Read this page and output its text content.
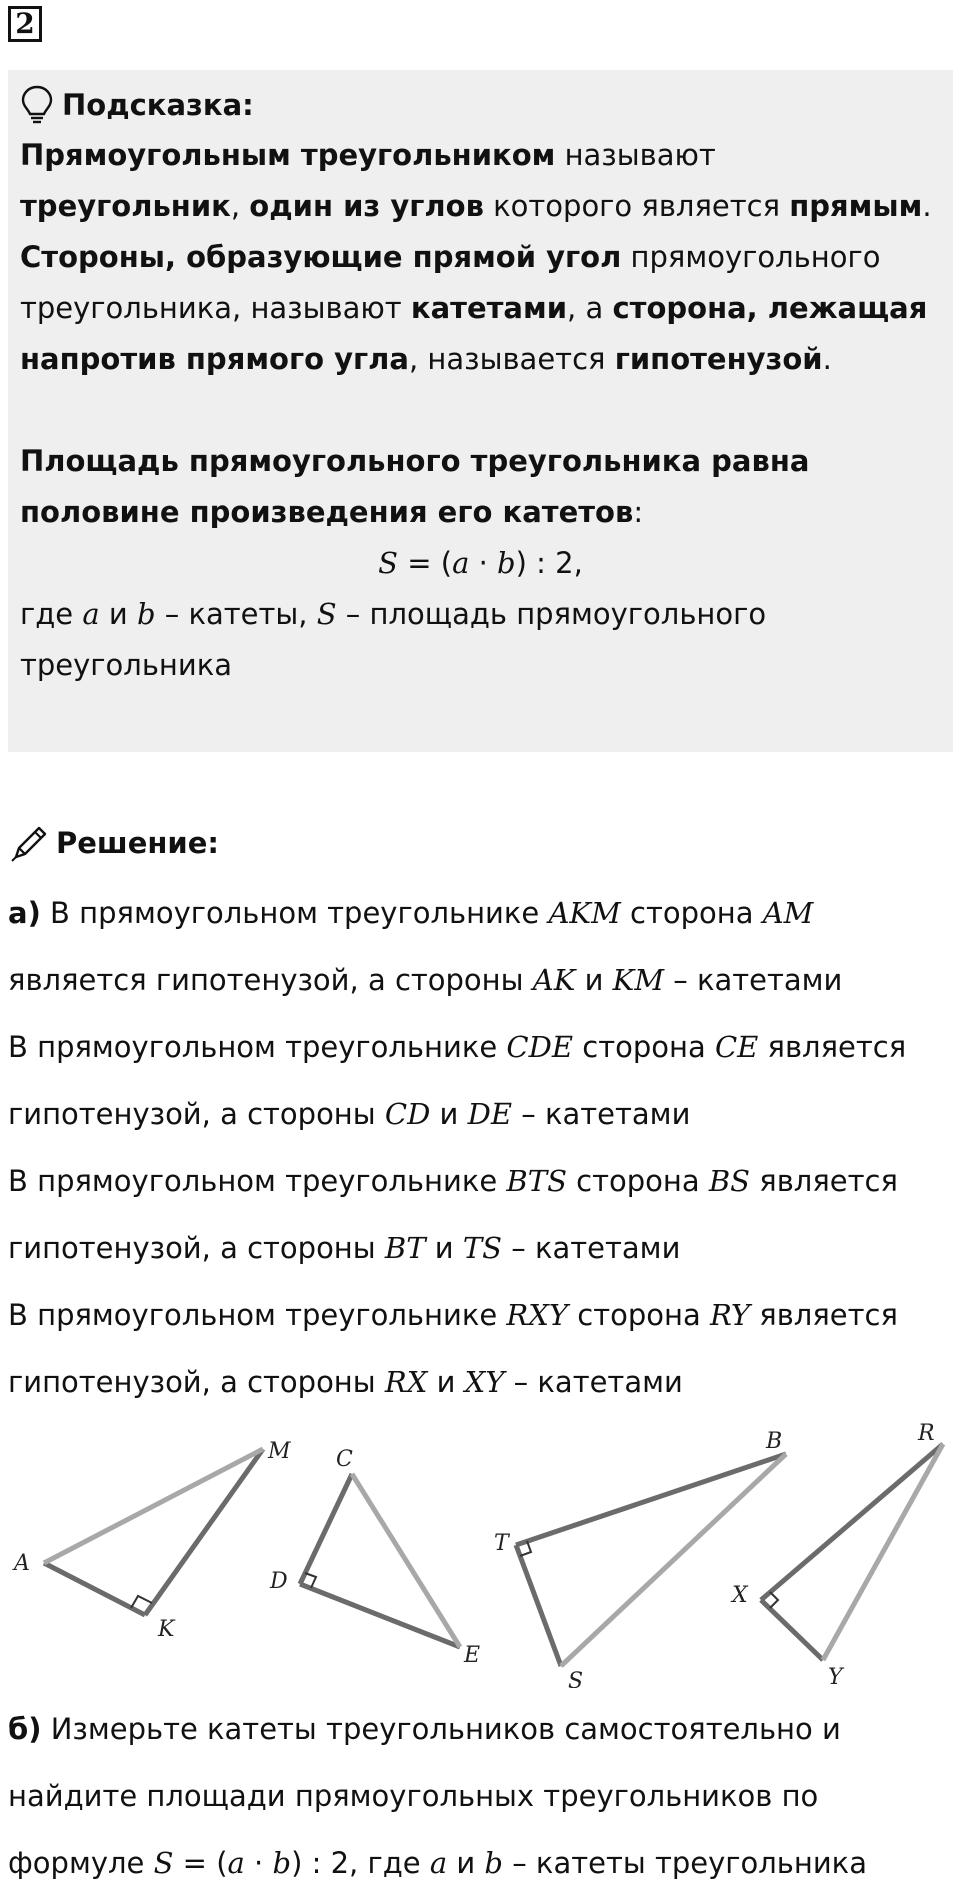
2
Подсказка:

Прямоугольным треугольником называют треугольник, один из углов которого является прямым.

Стороны, образующие прямой угол прямоугольного треугольника, называют катетами, а сторона, лежащая напротив прямого угла, называется гипотенузой.

Площадь прямоугольного треугольника равна половине произведения его катетов:

S = (a · b) : 2,

где a и b – катеты, S – площадь прямоугольного треугольника

Решение:

а) В прямоугольном треугольнике AKM сторона AM является гипотенузой, а стороны AK и KM – катетами

В прямоугольном треугольнике CDE сторона CE является гипотенузой, а стороны CD и DE – катетами

В прямоугольном треугольнике BTS сторона BS является гипотенузой, а стороны BT и TS – катетами

В прямоугольном треугольнике RXY сторона RY является гипотенузой, а стороны RX и XY – катетами

A
M
K
C
D
E
T
B
S
R
X
Y

б) Измерьте катеты треугольников самостоятельно и найдите площади прямоугольных треугольников по формуле S = (a · b) : 2, где a и b – катеты треугольника
